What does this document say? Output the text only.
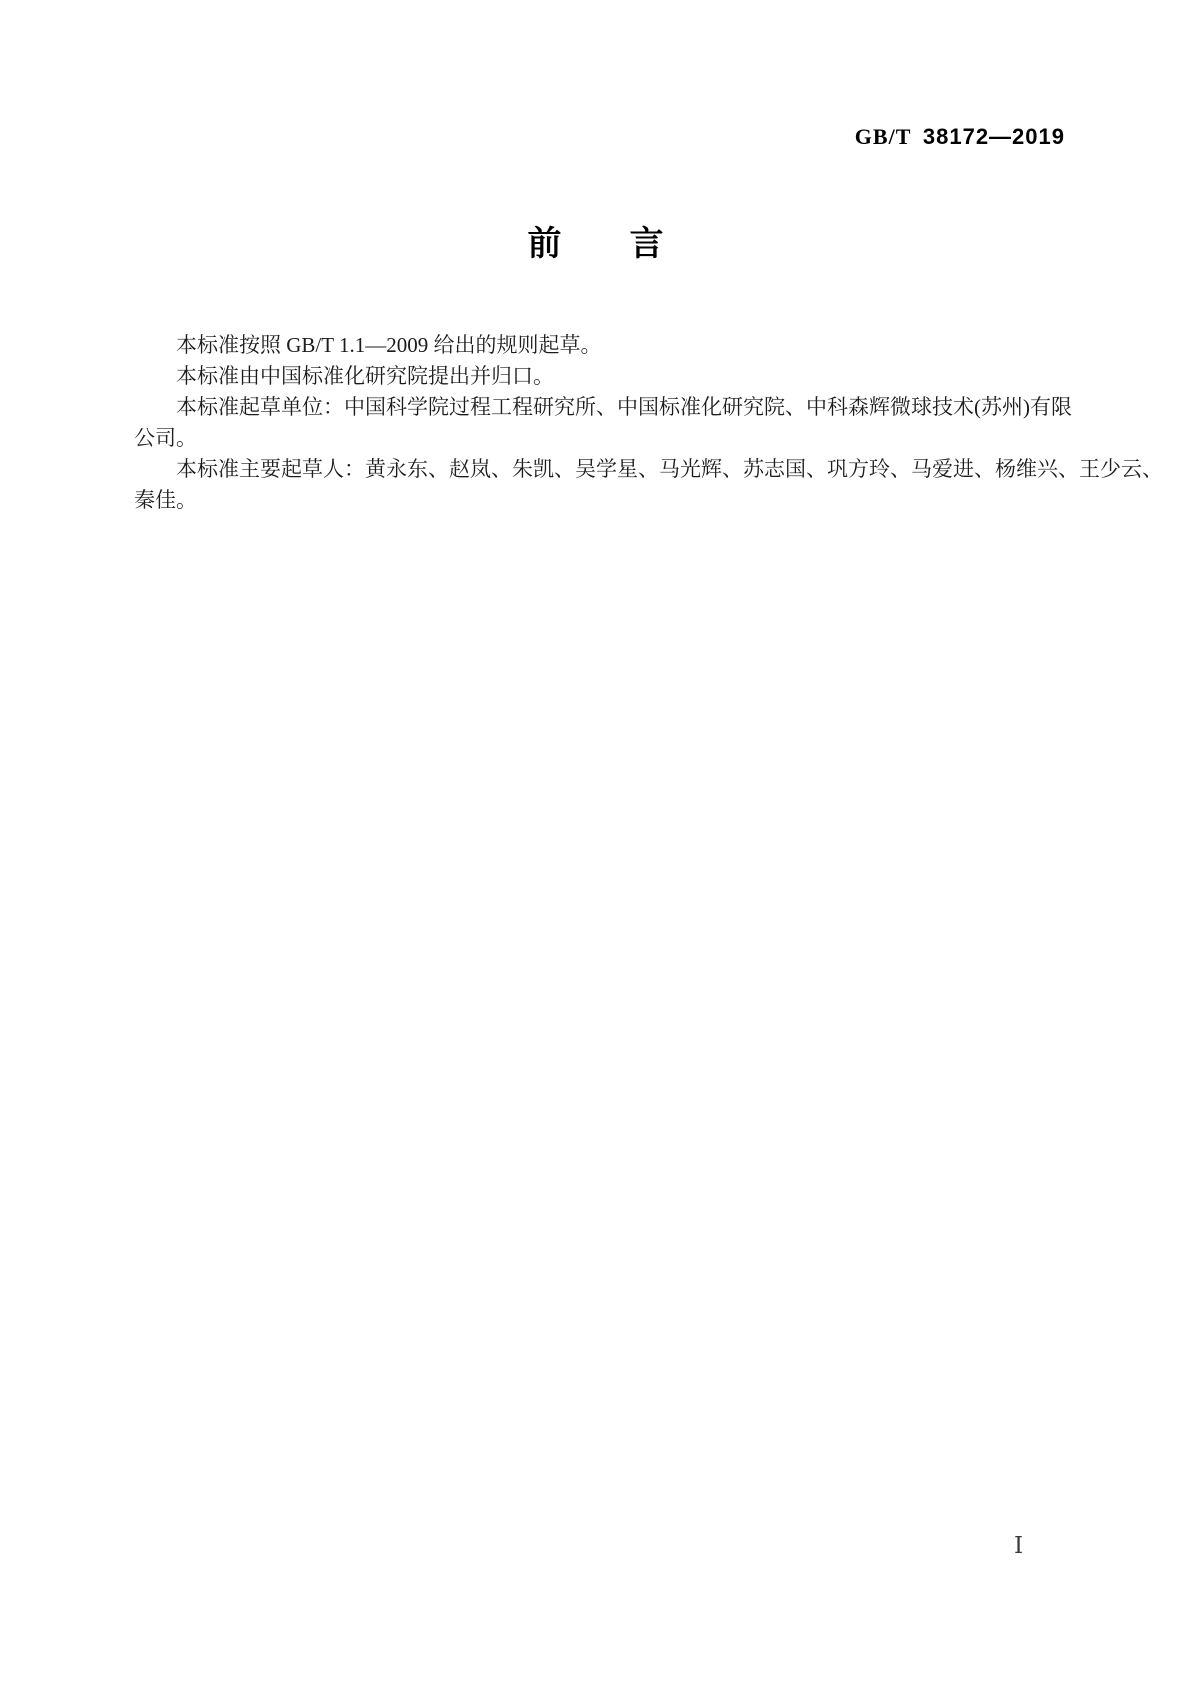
GB/T 38172—2019
前　　言
本标准按照 GB/T 1.1—2009 给出的规则起草。
本标准由中国标准化研究院提出并归口。
本标准起草单位：中国科学院过程工程研究所、中国标准化研究院、中科森辉微球技术(苏州)有限
公司。
本标准主要起草人：黄永东、赵岚、朱凯、吴学星、马光辉、苏志国、巩方玲、马爱进、杨维兴、王少云、
秦佳。
Ⅰ
